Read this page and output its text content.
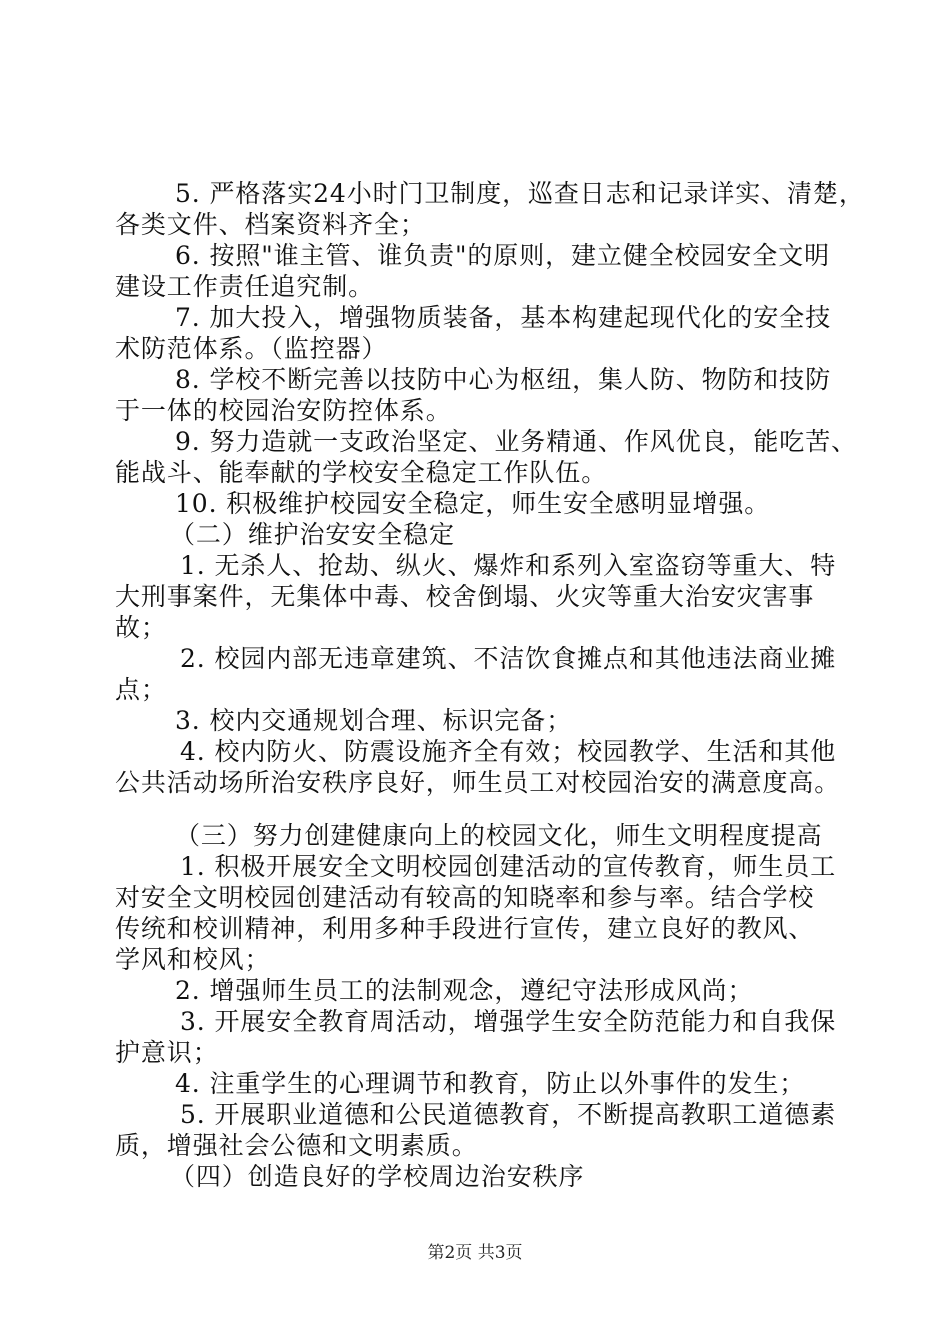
5. 严格落实24小时门卫制度，巡查日志和记录详实、清楚，
各类文件、档案资料齐全；
6. 按照"谁主管、谁负责"的原则，建立健全校园安全文明
建设工作责任追究制。
7. 加大投入，增强物质装备，基本构建起现代化的安全技
术防范体系。（监控器）
8. 学校不断完善以技防中心为枢纽，集人防、物防和技防
于一体的校园治安防控体系。
9. 努力造就一支政治坚定、业务精通、作风优良，能吃苦、
能战斗、能奉献的学校安全稳定工作队伍。
10. 积极维护校园安全稳定，师生安全感明显增强。
（二）维护治安安全稳定
1. 无杀人、抢劫、纵火、爆炸和系列入室盗窃等重大、特
大刑事案件，无集体中毒、校舍倒塌、火灾等重大治安灾害事
故；
2. 校园内部无违章建筑、不洁饮食摊点和其他违法商业摊
点；
3. 校内交通规划合理、标识完备；
4. 校内防火、防震设施齐全有效；校园教学、生活和其他
公共活动场所治安秩序良好，师生员工对校园治安的满意度高。
（三）努力创建健康向上的校园文化，师生文明程度提高
1. 积极开展安全文明校园创建活动的宣传教育，师生员工
对安全文明校园创建活动有较高的知晓率和参与率。结合学校
传统和校训精神，利用多种手段进行宣传，建立良好的教风、
学风和校风；
2. 增强师生员工的法制观念，遵纪守法形成风尚；
3. 开展安全教育周活动，增强学生安全防范能力和自我保
护意识；
4. 注重学生的心理调节和教育，防止以外事件的发生；
5. 开展职业道德和公民道德教育，不断提高教职工道德素
质，增强社会公德和文明素质。
（四）创造良好的学校周边治安秩序
第2页 共3页
